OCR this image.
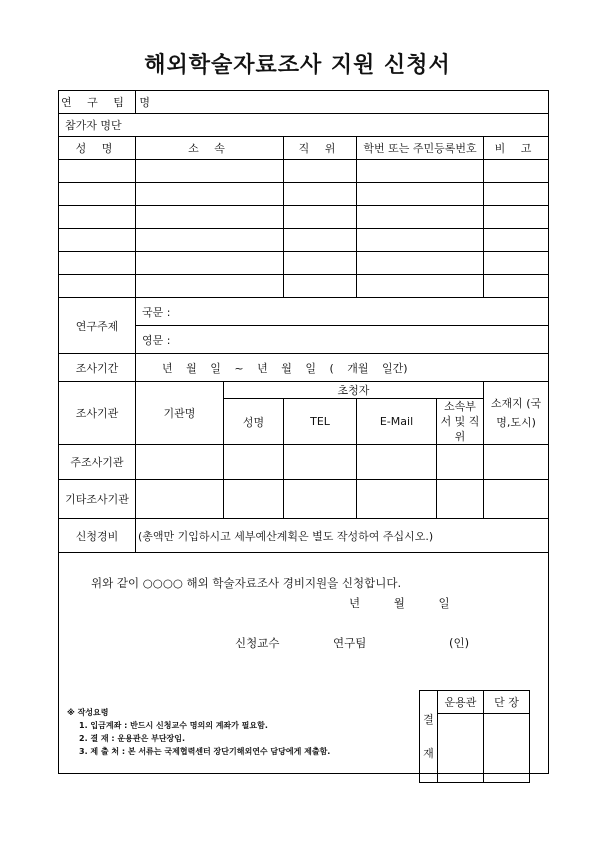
해외학술자료조사 지원 신청서
연 구 팀 명	
참가자 명단
성 명	소 속	직 위	학번 또는 주민등록번호	비 고

연구주제	국문 :
영문 :
조사기간	년 월 일 ~ 년 월 일 ( 개월 일간)
조사기관	기관명	초청자	소재지 (국명,도시)
성명	TEL	E-Mail	소속부서 및 직위
주조사기관						
기타조사기관						
신청경비	(총액만 기입하시고 세부예산계획은 별도 작성하여 주십시오.)

위와 같이 ○○○○ 해외 학술자료조사 경비지원을 신청합니다.
년	월	일
신청교수	연구팀	(인)
※ 작성요령
1. 입금계좌 : 반드시 신청교수 명의의 계좌가 필요함.
2. 결 재 : 운용관은 부단장임.
3. 제 출 처 : 본 서류는 국제협력센터 장단기해외연수 담당에게 제출함.
결 재	운용관	단 장
